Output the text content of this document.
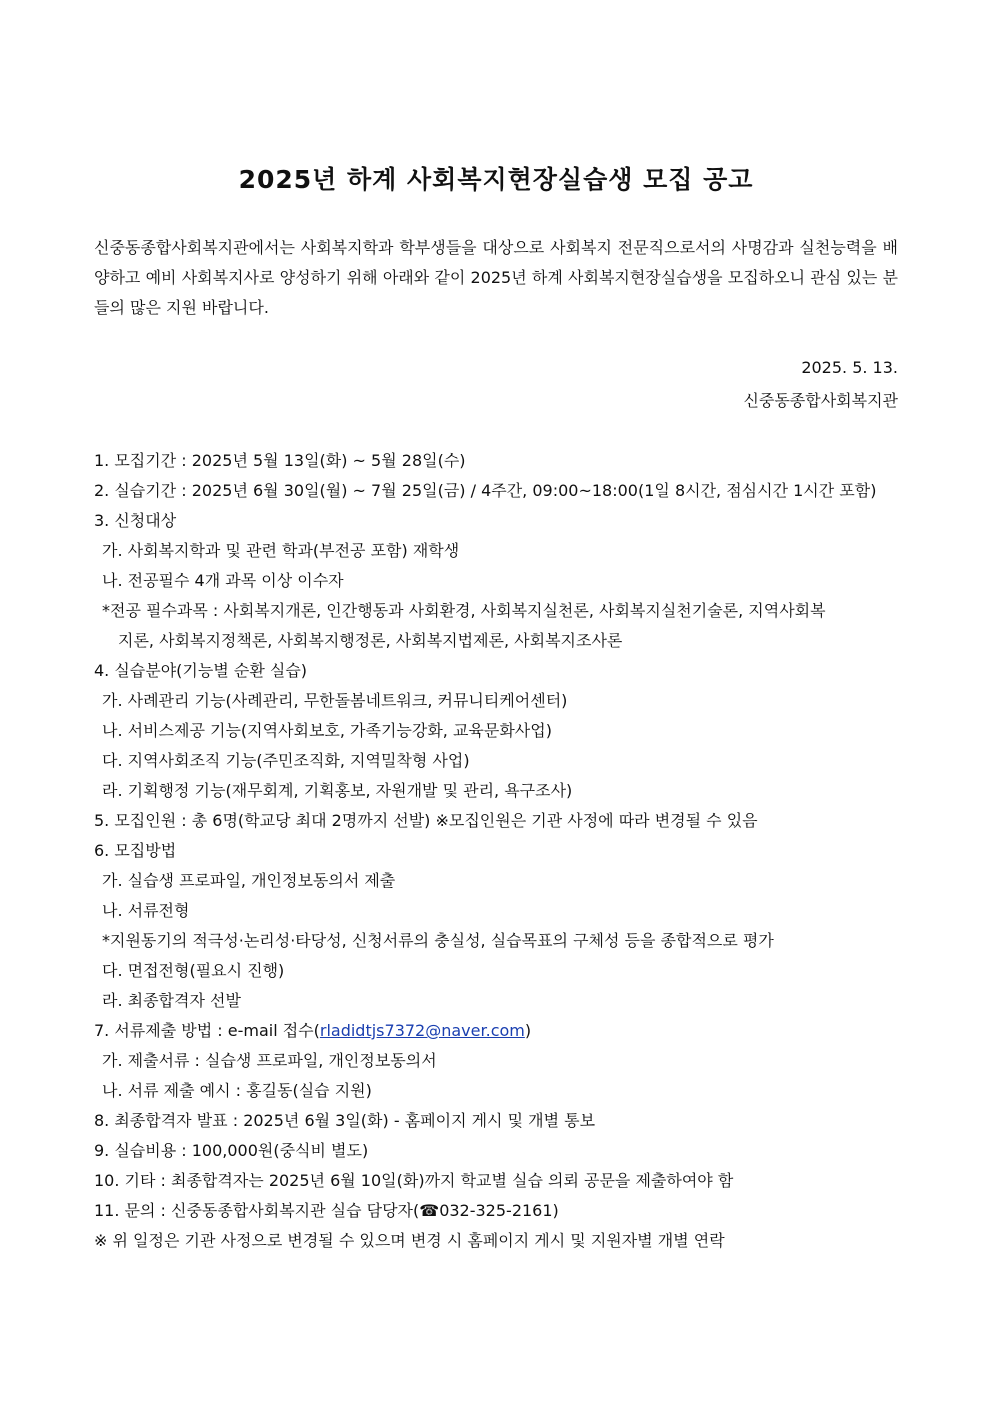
2025년 하계 사회복지현장실습생 모집 공고
신중동종합사회복지관에서는 사회복지학과 학부생들을 대상으로 사회복지 전문직으로서의 사명감과 실천능력을 배양하고 예비 사회복지사로 양성하기 위해 아래와 같이 2025년 하계 사회복지현장실습생을 모집하오니 관심 있는 분들의 많은 지원 바랍니다.
2025. 5. 13.
신중동종합사회복지관
1. 모집기간 : 2025년 5월 13일(화) ~ 5월 28일(수)
2. 실습기간 : 2025년 6월 30일(월) ~ 7월 25일(금) / 4주간, 09:00~18:00(1일 8시간, 점심시간 1시간 포함)
3. 신청대상
가. 사회복지학과 및 관련 학과(부전공 포함) 재학생
나. 전공필수 4개 과목 이상 이수자
*전공 필수과목 : 사회복지개론, 인간행동과 사회환경, 사회복지실천론, 사회복지실천기술론, 지역사회복
지론, 사회복지정책론, 사회복지행정론, 사회복지법제론, 사회복지조사론
4. 실습분야(기능별 순환 실습)
가. 사례관리 기능(사례관리, 무한돌봄네트워크, 커뮤니티케어센터)
나. 서비스제공 기능(지역사회보호, 가족기능강화, 교육문화사업)
다. 지역사회조직 기능(주민조직화, 지역밀착형 사업)
라. 기획행정 기능(재무회계, 기획홍보, 자원개발 및 관리, 욕구조사)
5. 모집인원 : 총 6명(학교당 최대 2명까지 선발) ※모집인원은 기관 사정에 따라 변경될 수 있음
6. 모집방법
가. 실습생 프로파일, 개인정보동의서 제출
나. 서류전형
*지원동기의 적극성·논리성·타당성, 신청서류의 충실성, 실습목표의 구체성 등을 종합적으로 평가
다. 면접전형(필요시 진행)
라. 최종합격자 선발
7. 서류제출 방법 : e-mail 접수(rladidtjs7372@naver.com)
가. 제출서류 : 실습생 프로파일, 개인정보동의서
나. 서류 제출 예시 : 홍길동(실습 지원)
8. 최종합격자 발표 : 2025년 6월 3일(화) - 홈페이지 게시 및 개별 통보
9. 실습비용 : 100,000원(중식비 별도)
10. 기타 : 최종합격자는 2025년 6월 10일(화)까지 학교별 실습 의뢰 공문을 제출하여야 함
11. 문의 : 신중동종합사회복지관 실습 담당자(☎032-325-2161)
※ 위 일정은 기관 사정으로 변경될 수 있으며 변경 시 홈페이지 게시 및 지원자별 개별 연락
